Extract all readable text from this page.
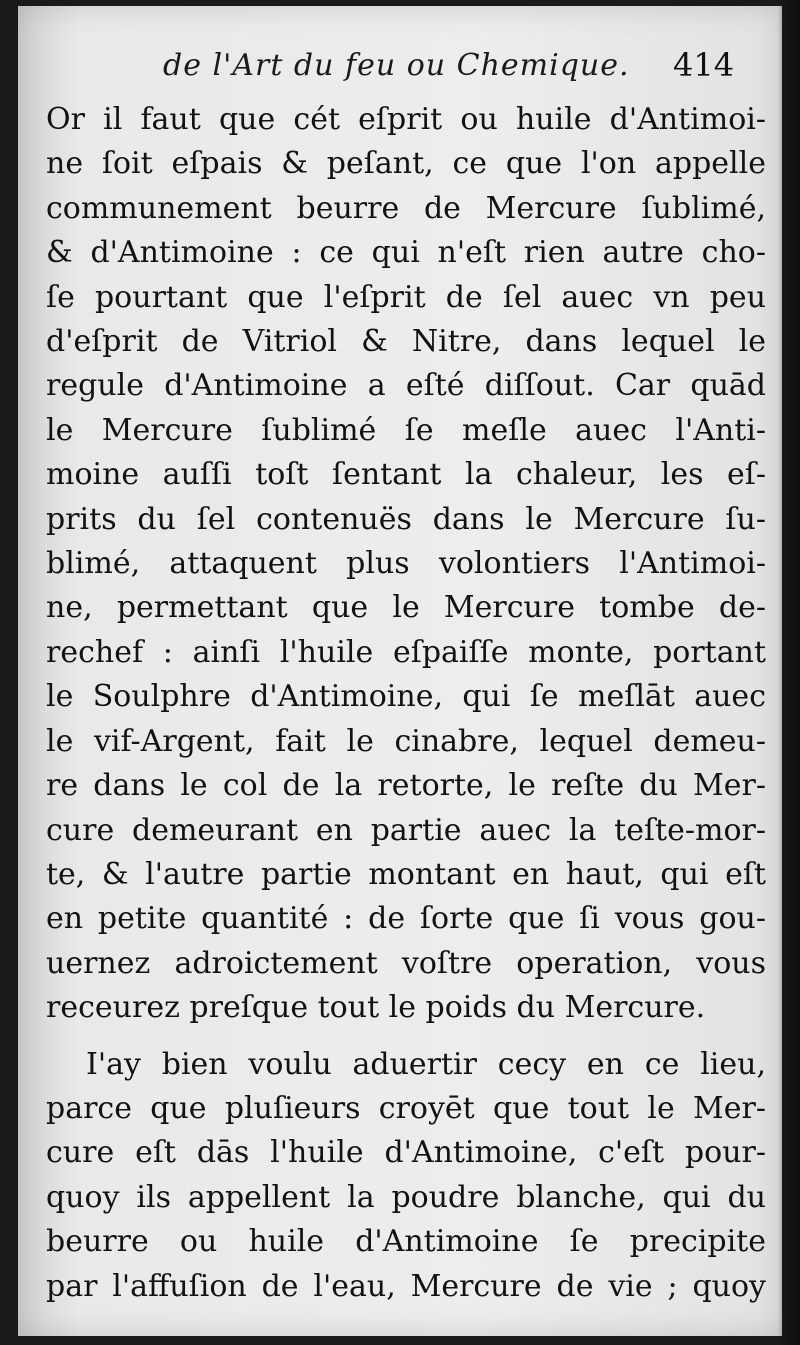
de l'Art du feu ou Chemique. 414
Or il faut que cét eſprit ou huile d'Antimoi-
ne ſoit eſpais & peſant, ce que l'on appelle
communement beurre de Mercure ſublimé,
& d'Antimoine : ce qui n'eſt rien autre cho-
ſe pourtant que l'eſprit de ſel auec vn peu
d'eſprit de Vitriol & Nitre, dans lequel le
regule d'Antimoine a eſté diſſout. Car quād
le Mercure ſublimé ſe meſle auec l'Anti-
moine auſſi toſt ſentant la chaleur, les eſ-
prits du ſel contenuës dans le Mercure ſu-
blimé, attaquent plus volontiers l'Antimoi-
ne, permettant que le Mercure tombe de-
rechef : ainſi l'huile eſpaiſſe monte, portant
le Soulphre d'Antimoine, qui ſe meſlāt auec
le vif-Argent, fait le cinabre, lequel demeu-
re dans le col de la retorte, le reſte du Mer-
cure demeurant en partie auec la teſte-mor-
te, & l'autre partie montant en haut, qui eſt
en petite quantité : de ſorte que ſi vous gou-
uernez adroictement voſtre operation, vous
receurez preſque tout le poids du Mercure.
I'ay bien voulu aduertir cecy en ce lieu,
parce que pluſieurs croyēt que tout le Mer-
cure eſt dās l'huile d'Antimoine, c'eſt pour-
quoy ils appellent la poudre blanche, qui du
beurre ou huile d'Antimoine ſe precipite
par l'affuſion de l'eau, Mercure de vie ; quoy
